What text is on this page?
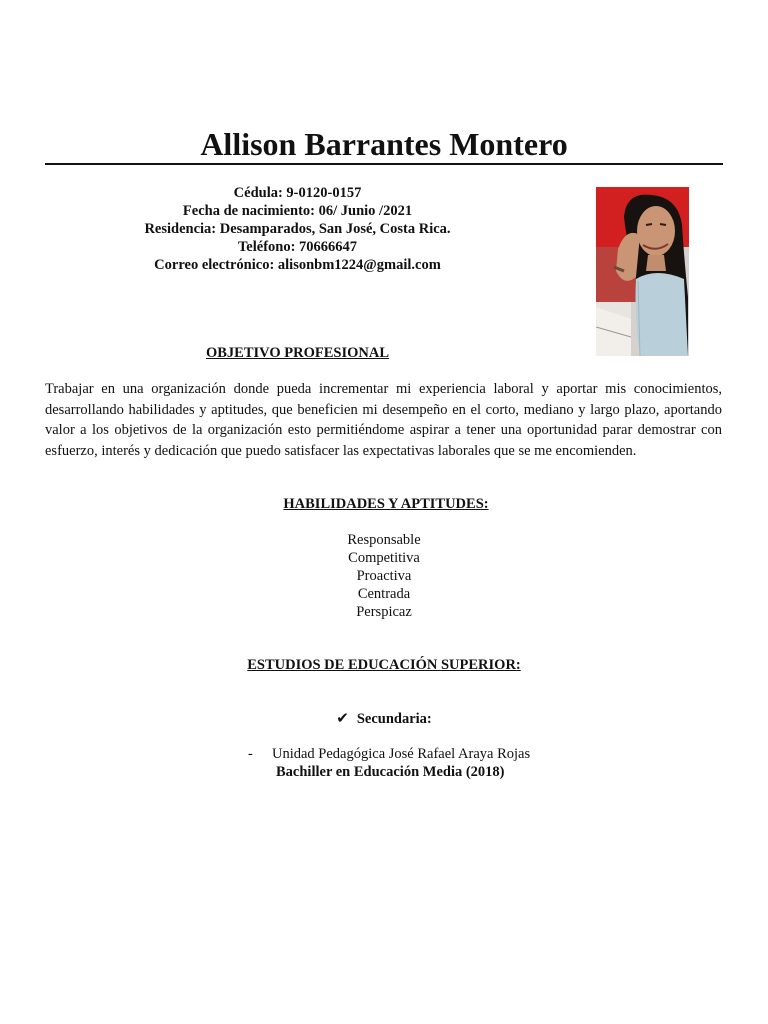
Allison Barrantes Montero
Cédula: 9-0120-0157
Fecha de nacimiento: 06/ Junio /2021
Residencia: Desamparados, San José, Costa Rica.
Teléfono: 70666647
Correo electrónico: alisonbm1224@gmail.com
OBJETIVO PROFESIONAL
Trabajar en una organización donde pueda incrementar mi experiencia laboral y aportar mis conocimientos, desarrollando habilidades y aptitudes, que beneficien mi desempeño en el corto, mediano y largo plazo, aportando valor a los objetivos de la organización esto permitiéndome aspirar a tener una oportunidad parar demostrar con esfuerzo, interés y dedicación que puedo satisfacer las expectativas laborales que se me encomienden.
HABILIDADES Y APTITUDES:
Responsable
Competitiva
Proactiva
Centrada
Perspicaz
ESTUDIOS DE EDUCACIÓN SUPERIOR:
✔ Secundaria:
- Unidad Pedagógica José Rafael Araya Rojas
Bachiller en Educación Media (2018)
